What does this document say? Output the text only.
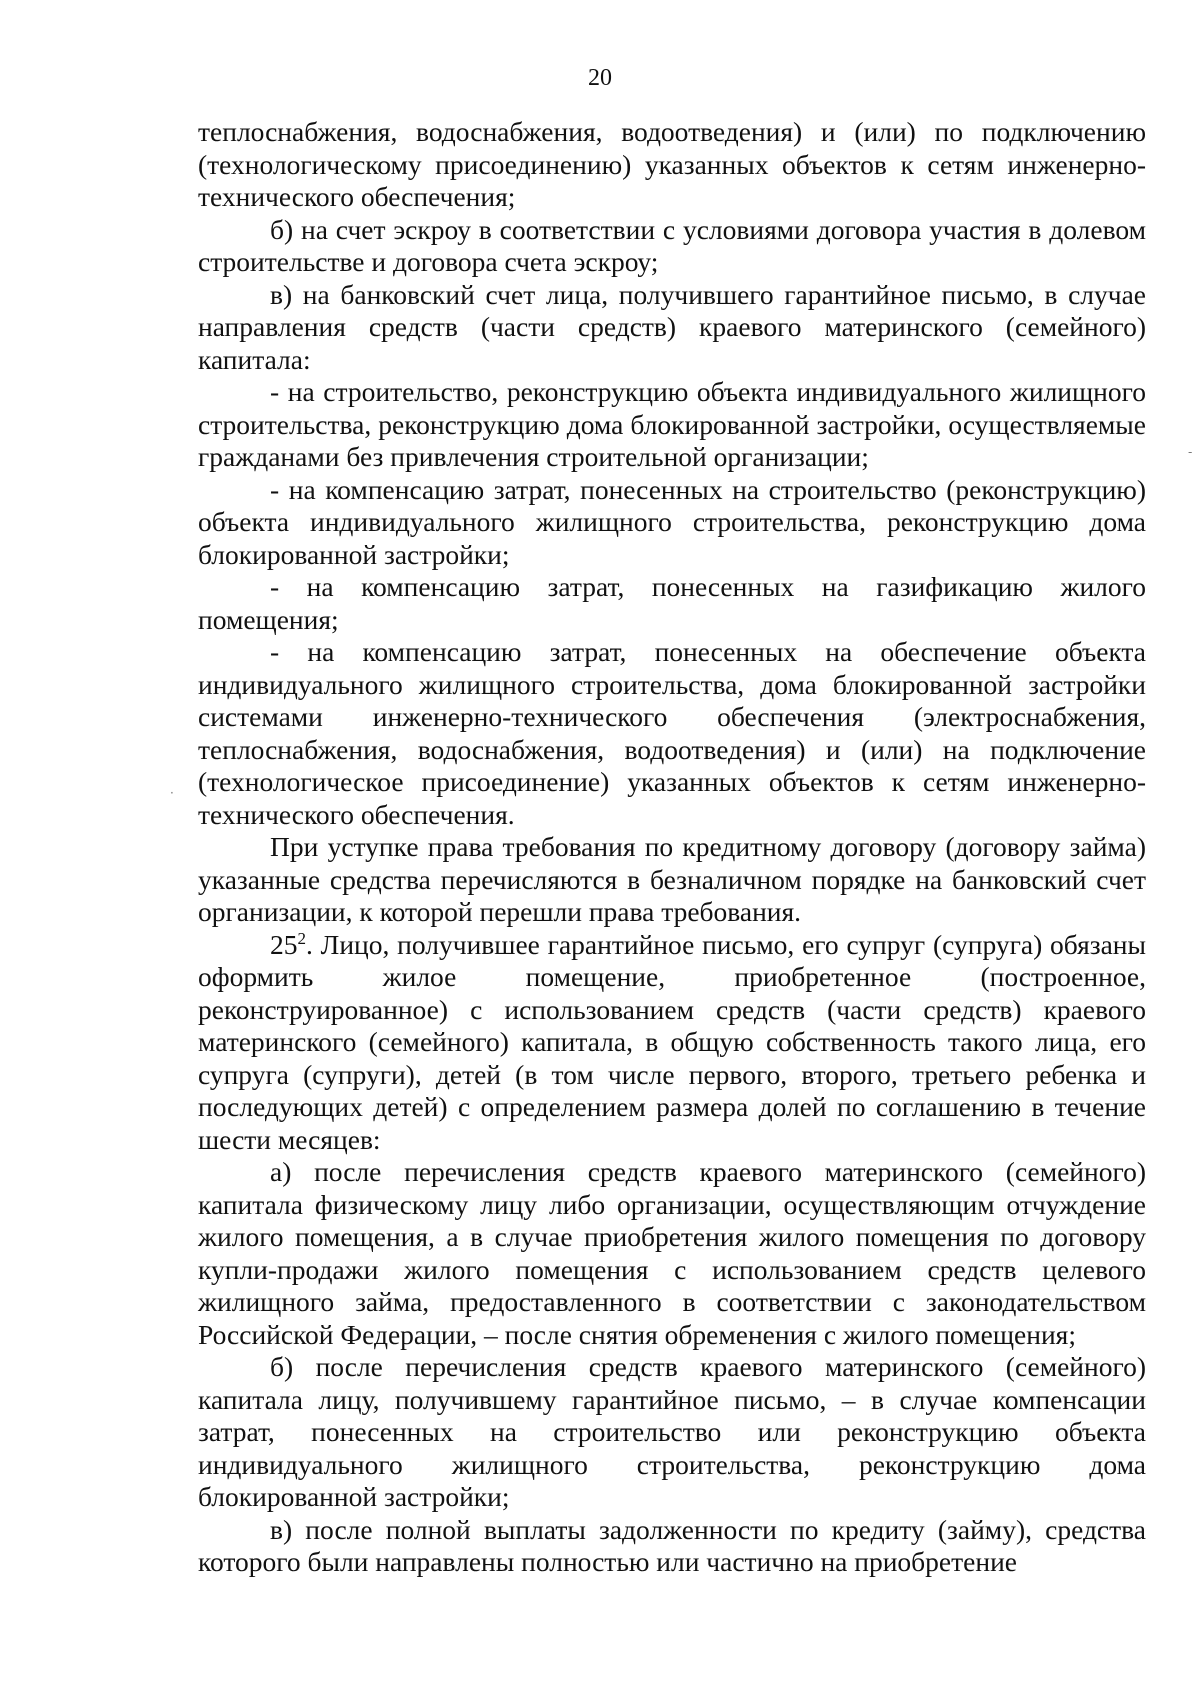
20

теплоснабжения, водоснабжения, водоотведения) и (или) по подключению (технологическому присоединению) указанных объектов к сетям инженерно-технического обеспечения;

б) на счет эскроу в соответствии с условиями договора участия в долевом строительстве и договора счета эскроу;

в) на банковский счет лица, получившего гарантийное письмо, в случае направления средств (части средств) краевого материнского (семейного) капитала:

- на строительство, реконструкцию объекта индивидуального жилищного строительства, реконструкцию дома блокированной застройки, осуществляемые гражданами без привлечения строительной организации;

- на компенсацию затрат, понесенных на строительство (реконструкцию) объекта индивидуального жилищного строительства, реконструкцию дома блокированной застройки;

- на компенсацию затрат, понесенных на газификацию жилого помещения;

- на компенсацию затрат, понесенных на обеспечение объекта индивидуального жилищного строительства, дома блокированной застройки системами инженерно-технического обеспечения (электроснабжения, теплоснабжения, водоснабжения, водоотведения) и (или) на подключение (технологическое присоединение) указанных объектов к сетям инженерно-технического обеспечения.

При уступке права требования по кредитному договору (договору займа) указанные средства перечисляются в безналичном порядке на банковский счет организации, к которой перешли права требования.

$25^2$. Лицо, получившее гарантийное письмо, его супруг (супруга) обязаны оформить жилое помещение, приобретенное (построенное, реконструированное) с использованием средств (части средств) краевого материнского (семейного) капитала, в общую собственность такого лица, его супруга (супруги), детей (в том числе первого, второго, третьего ребенка и последующих детей) с определением размера долей по соглашению в течение шести месяцев:

а) после перечисления средств краевого материнского (семейного) капитала физическому лицу либо организации, осуществляющим отчуждение жилого помещения, а в случае приобретения жилого помещения по договору купли-продажи жилого помещения с использованием средств целевого жилищного займа, предоставленного в соответствии с законодательством Российской Федерации, – после снятия обременения с жилого помещения;

б) после перечисления средств краевого материнского (семейного) капитала лицу, получившему гарантийное письмо, – в случае компенсации затрат, понесенных на строительство или реконструкцию объекта индивидуального жилищного строительства, реконструкцию дома блокированной застройки;

в) после полной выплаты задолженности по кредиту (займу), средства которого были направлены полностью или частично на приобретение

·
-
